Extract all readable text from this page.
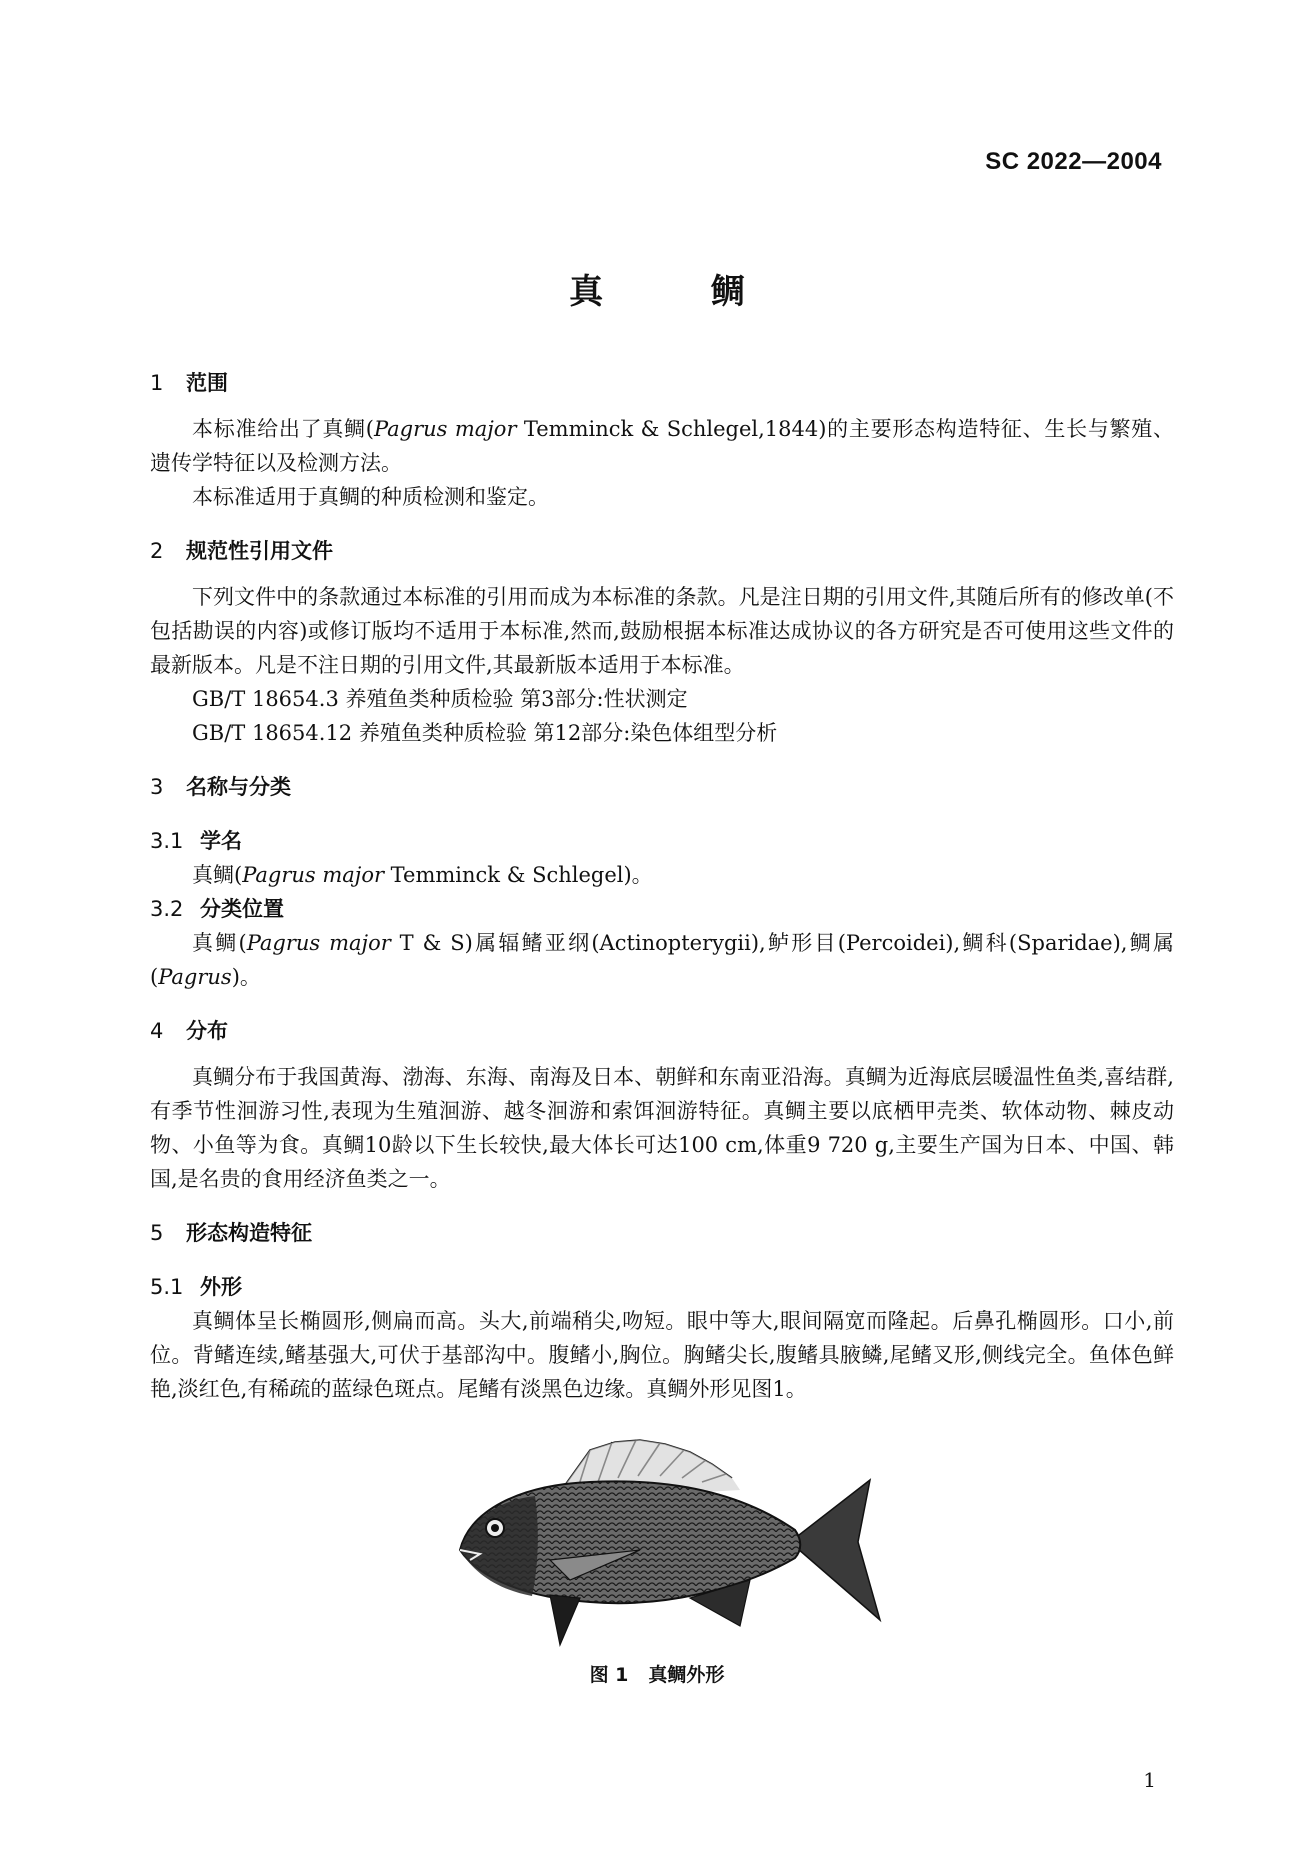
SC 2022—2004
真 鲷
1 范围

本标准给出了真鲷(Pagrus major Temminck & Schlegel,1844)的主要形态构造特征、生长与繁殖、遗传学特征以及检测方法。

本标准适用于真鲷的种质检测和鉴定。

2 规范性引用文件

下列文件中的条款通过本标准的引用而成为本标准的条款。凡是注日期的引用文件,其随后所有的修改单(不包括勘误的内容)或修订版均不适用于本标准,然而,鼓励根据本标准达成协议的各方研究是否可使用这些文件的最新版本。凡是不注日期的引用文件,其最新版本适用于本标准。

GB/T 18654.3 养殖鱼类种质检验 第3部分:性状测定

GB/T 18654.12 养殖鱼类种质检验 第12部分:染色体组型分析

3 名称与分类
3.1 学名

真鲷(Pagrus major Temminck & Schlegel)。

3.2 分类位置

真鲷(Pagrus major T & S)属辐鳍亚纲(Actinopterygii),鲈形目(Percoidei),鲷科(Sparidae),鲷属(Pagrus)。

4 分布

真鲷分布于我国黄海、渤海、东海、南海及日本、朝鲜和东南亚沿海。真鲷为近海底层暖温性鱼类,喜结群,有季节性洄游习性,表现为生殖洄游、越冬洄游和索饵洄游特征。真鲷主要以底栖甲壳类、软体动物、棘皮动物、小鱼等为食。真鲷10龄以下生长较快,最大体长可达100 cm,体重9 720 g,主要生产国为日本、中国、韩国,是名贵的食用经济鱼类之一。

5 形态构造特征
5.1 外形

真鲷体呈长椭圆形,侧扁而高。头大,前端稍尖,吻短。眼中等大,眼间隔宽而隆起。后鼻孔椭圆形。口小,前位。背鳍连续,鳍基强大,可伏于基部沟中。腹鳍小,胸位。胸鳍尖长,腹鳍具腋鳞,尾鳍叉形,侧线完全。鱼体色鲜艳,淡红色,有稀疏的蓝绿色斑点。尾鳍有淡黑色边缘。真鲷外形见图1。

图 1 真鲷外形
1
